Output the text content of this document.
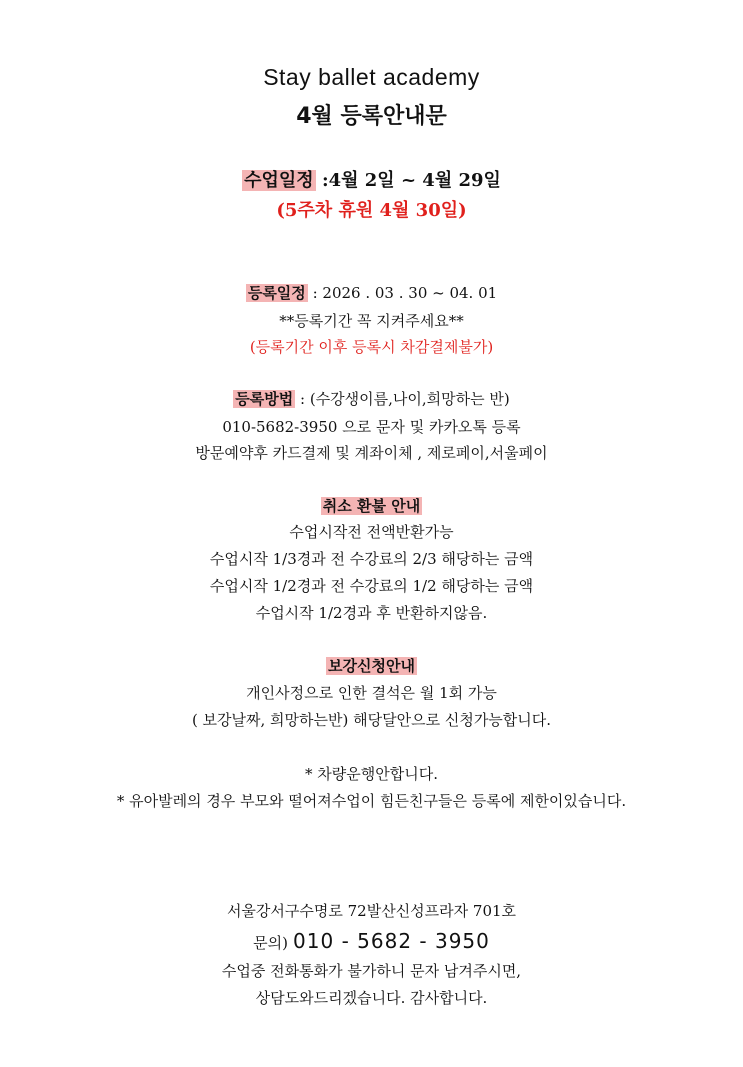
Stay ballet academy
4월 등록안내문
수업일정 :4월 2일 ~ 4월 29일
(5주차 휴원 4월 30일)
등록일정 : 2026 . 03 . 30 ~ 04. 01
**등록기간 꼭 지켜주세요**
(등록기간 이후 등록시 차감결제불가)
등록방법 : (수강생이름,나이,희망하는 반)
010-5682-3950 으로 문자 및 카카오톡 등록
방문예약후 카드결제 및 계좌이체 , 제로페이,서울페이
취소 환불 안내
수업시작전 전액반환가능
수업시작 1/3경과 전 수강료의 2/3 해당하는 금액
수업시작 1/2경과 전 수강료의 1/2 해당하는 금액
수업시작 1/2경과 후 반환하지않음.
보강신청안내
개인사정으로 인한 결석은 월 1회 가능
( 보강날짜, 희망하는반) 해당달안으로 신청가능합니다.
* 차량운행안합니다.
* 유아발레의 경우 부모와 떨어져수업이 힘든친구들은 등록에 제한이있습니다.
서울강서구수명로 72발산신성프라자 701호
문의) 010 - 5682 - 3950
수업중 전화통화가 불가하니 문자 남겨주시면,
상담도와드리겠습니다. 감사합니다.
